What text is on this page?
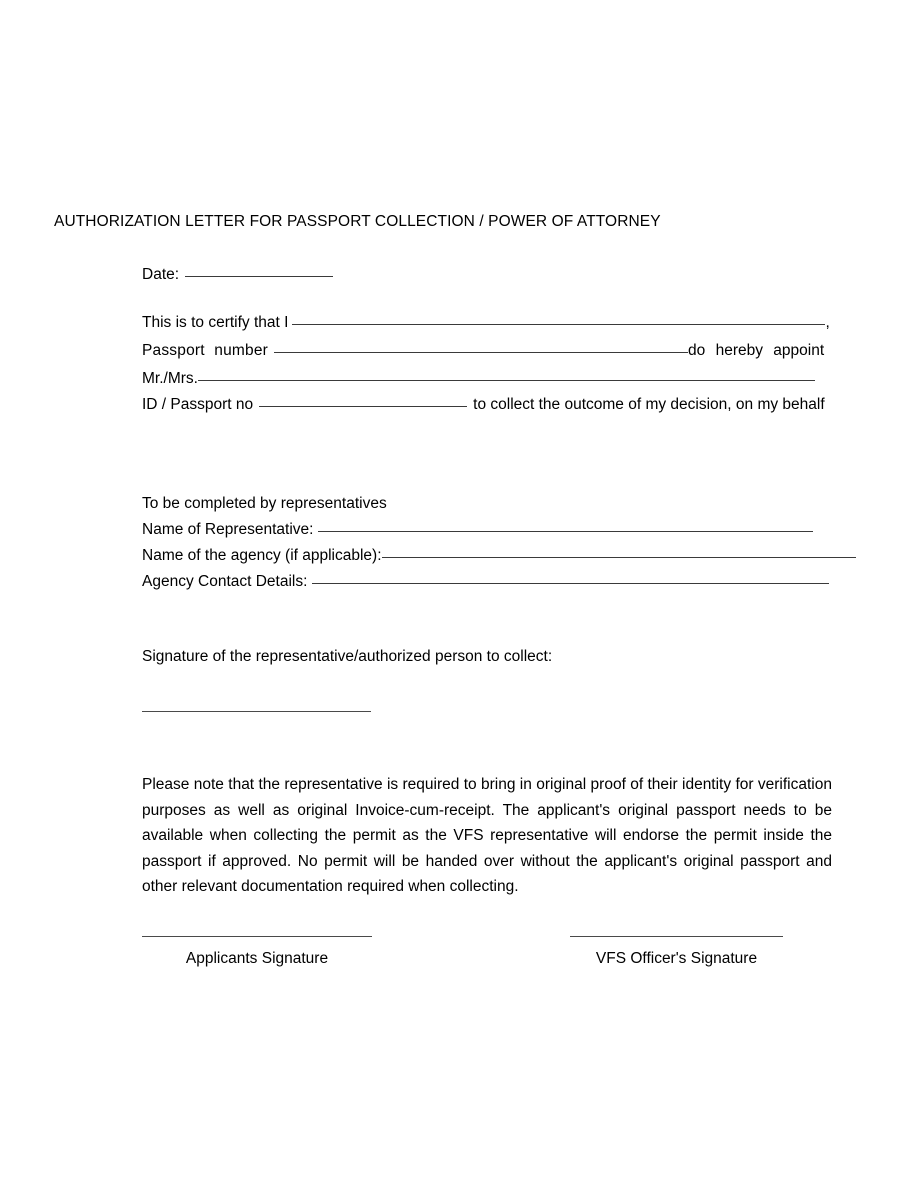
AUTHORIZATION LETTER FOR PASSPORT COLLECTION / POWER OF ATTORNEY
Date:
This is to certify that I	,
Passport number	do hereby appoint
Mr./Mrs.
ID / Passport no	to collect the outcome of my decision, on my behalf
To be completed by representatives
Name of Representative:
Name of the agency (if applicable):
Agency Contact Details:
Signature of the representative/authorized person to collect:
Please note that the representative is required to bring in original proof of their identity for verification purposes as well as original Invoice-cum-receipt. The applicant's original passport needs to be available when collecting the permit as the VFS representative will endorse the permit inside the passport if approved. No permit will be handed over without the applicant's original passport and other relevant documentation required when collecting.
Applicants Signature	VFS Officer's Signature
